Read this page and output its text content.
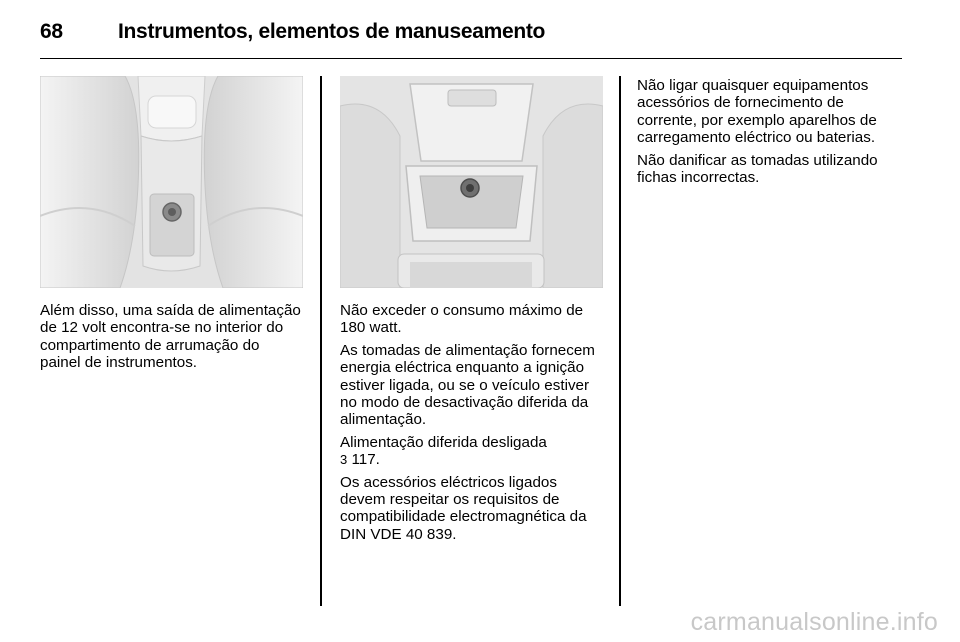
68	Instrumentos, elementos de manuseamento

Além disso, uma saída de alimentação de 12 volt encontra-se no interior do compartimento de arrumação do painel de instrumentos.

Não exceder o consumo máximo de 180 watt.

As tomadas de alimentação fornecem energia eléctrica enquanto a ignição estiver ligada, ou se o veículo estiver no modo de desactivação diferida da alimentação.

Alimentação diferida desligada
3 117.

Os acessórios eléctricos ligados devem respeitar os requisitos de compatibilidade electromagnética da DIN VDE 40 839.

Não ligar quaisquer equipamentos acessórios de fornecimento de corrente, por exemplo aparelhos de carregamento eléctrico ou baterias.

Não danificar as tomadas utilizando fichas incorrectas.

carmanualsonline.info
